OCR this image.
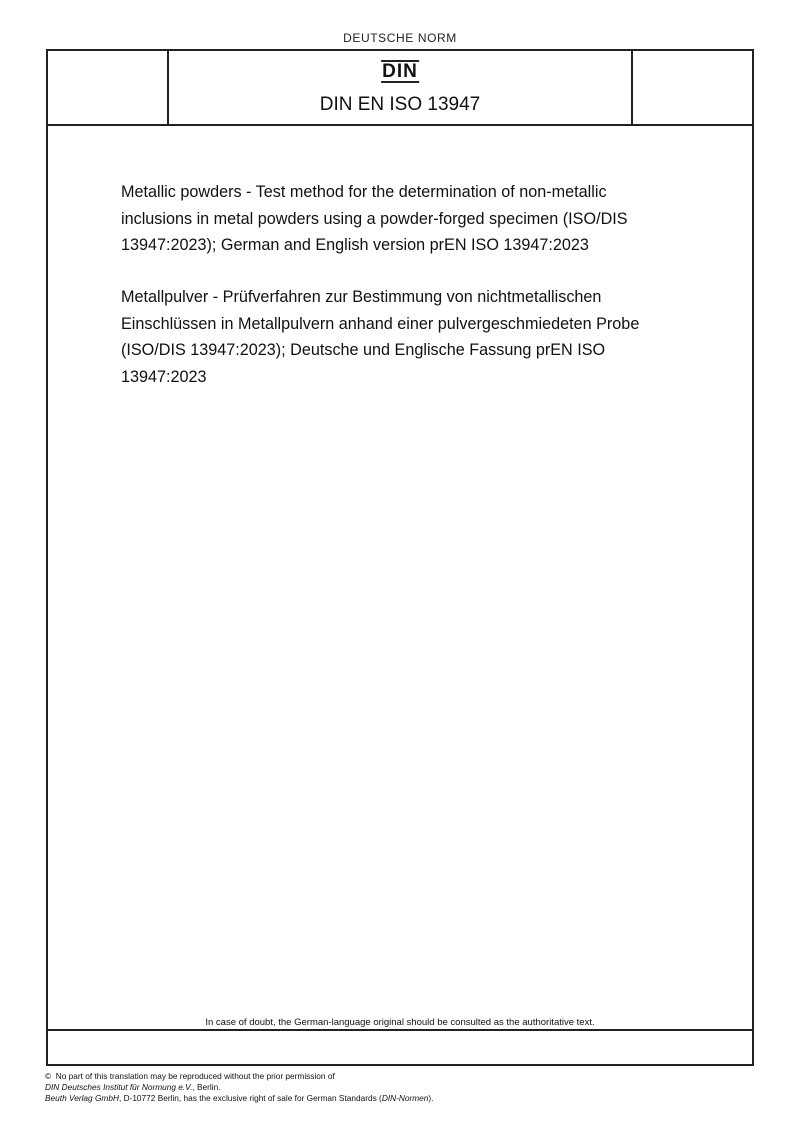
DEUTSCHE NORM
DIN
DIN EN ISO 13947
Metallic powders - Test method for the determination of non-metallic inclusions in metal powders using a powder-forged specimen (ISO/DIS 13947:2023); German and English version prEN ISO 13947:2023
Metallpulver - Prüfverfahren zur Bestimmung von nichtmetallischen Einschlüssen in Metallpulvern anhand einer pulvergeschmiedeten Probe (ISO/DIS 13947:2023); Deutsche und Englische Fassung prEN ISO 13947:2023
In case of doubt, the German-language original should be consulted as the authoritative text.
© No part of this translation may be reproduced without the prior permission of
DIN Deutsches Institut für Normung e.V., Berlin.
Beuth Verlag GmbH, D-10772 Berlin, has the exclusive right of sale for German Standards (DIN-Normen).
